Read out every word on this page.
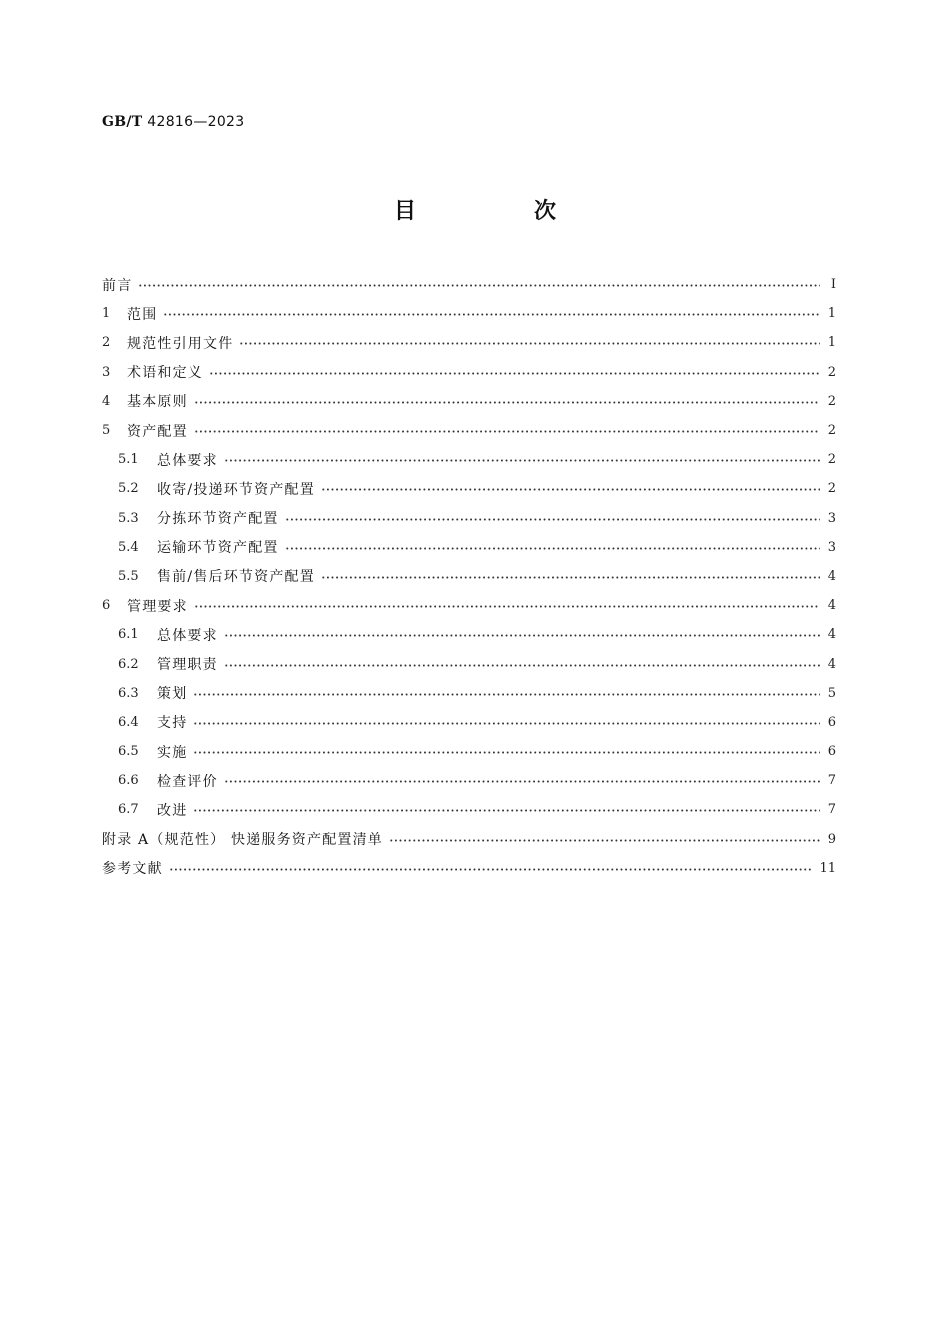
GB/T 42816—2023
目　次
前言	Ⅰ
1	范围	1
2	规范性引用文件	1
3	术语和定义	2
4	基本原则	2
5	资产配置	2
5.1	总体要求	2
5.2	收寄/投递环节资产配置	2
5.3	分拣环节资产配置	3
5.4	运输环节资产配置	3
5.5	售前/售后环节资产配置	4
6	管理要求	4
6.1	总体要求	4
6.2	管理职责	4
6.3	策划	5
6.4	支持	6
6.5	实施	6
6.6	检查评价	7
6.7	改进	7
附录 A（规范性） 快递服务资产配置清单	9
参考文献	11
